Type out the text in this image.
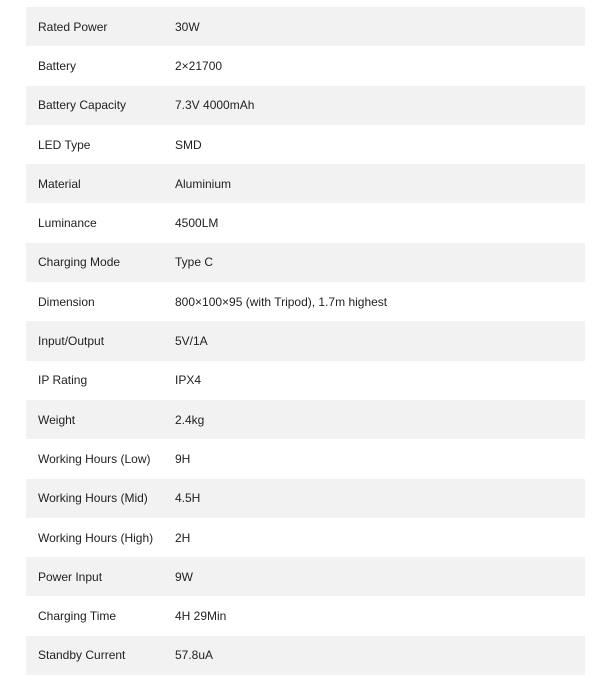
Rated Power	30W
Battery	2×21700
Battery Capacity	7.3V 4000mAh
LED Type	SMD
Material	Aluminium
Luminance	4500LM
Charging Mode	Type C
Dimension	800×100×95 (with Tripod), 1.7m highest
Input/Output	5V/1A
IP Rating	IPX4
Weight	2.4kg
Working Hours (Low)	9H
Working Hours (Mid)	4.5H
Working Hours (High)	2H
Power Input	9W
Charging Time	4H 29Min
Standby Current	57.8uA
